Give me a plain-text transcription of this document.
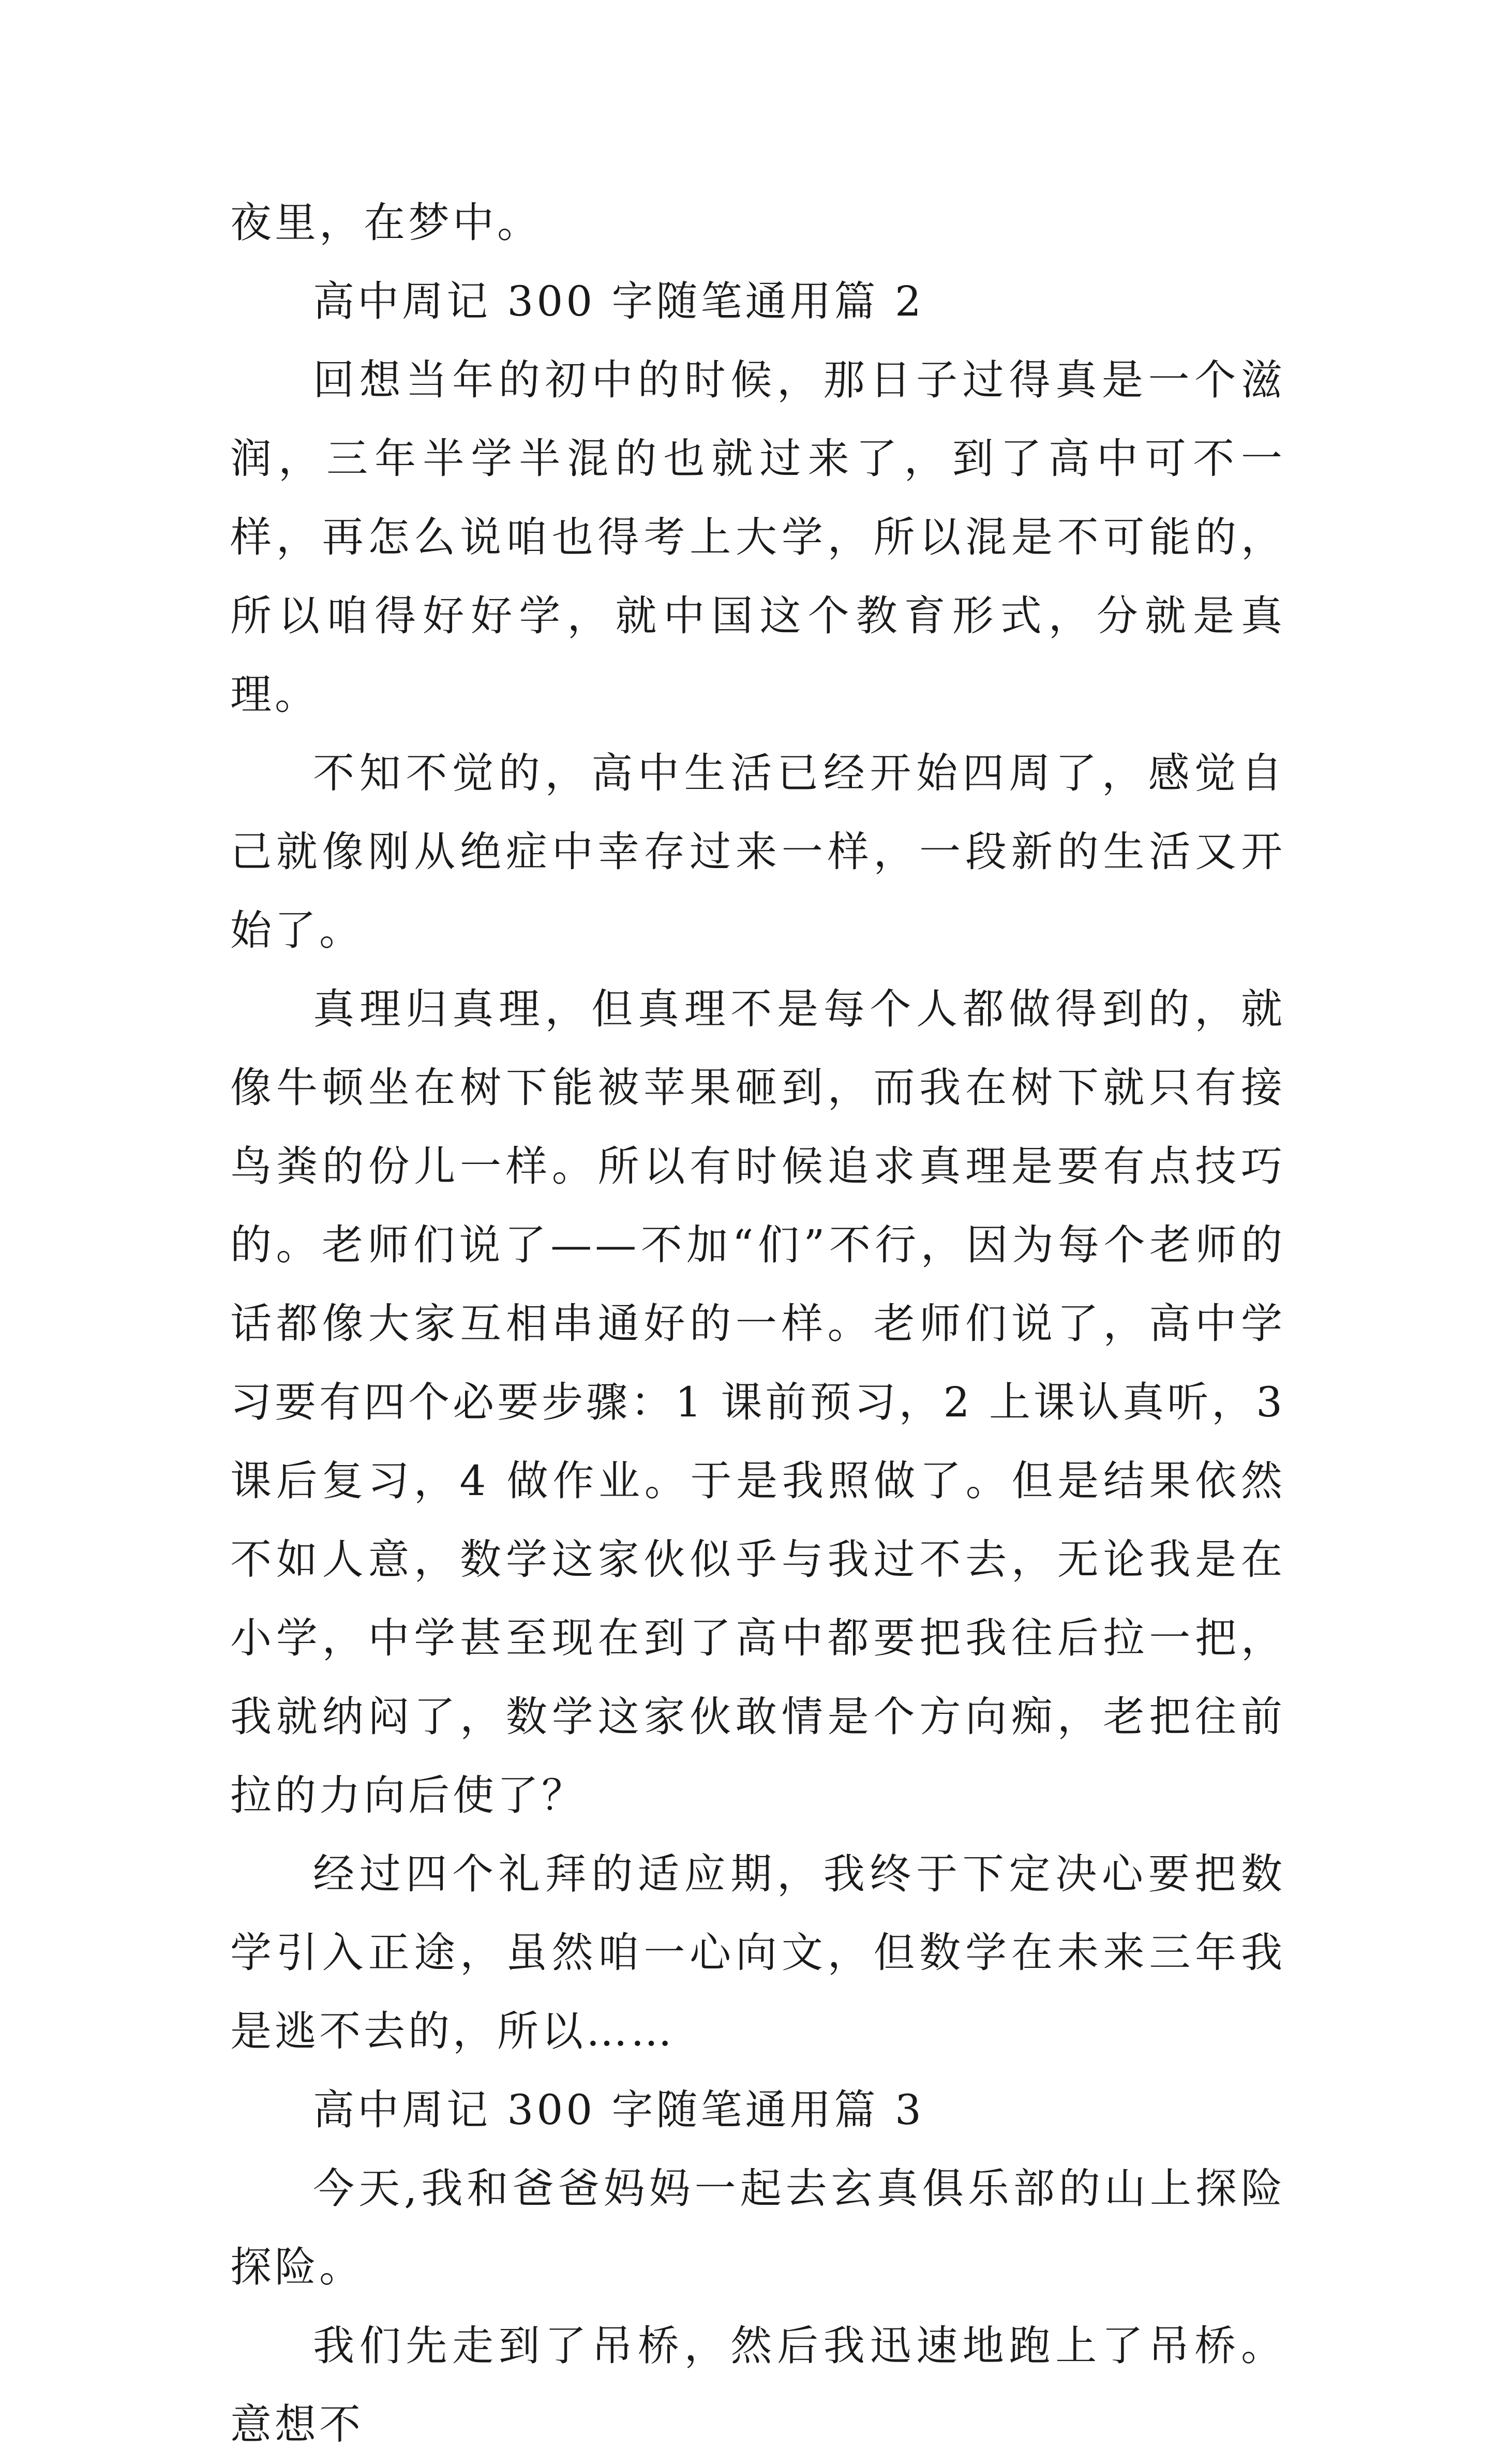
夜里，在梦中。

高中周记 300 字随笔通用篇 2

回想当年的初中的时候，那日子过得真是一个滋润，三年半学半混的也就过来了，到了高中可不一样，再怎么说咱也得考上大学，所以混是不可能的，所以咱得好好学，就中国这个教育形式，分就是真理。

不知不觉的，高中生活已经开始四周了，感觉自己就像刚从绝症中幸存过来一样，一段新的生活又开始了。

真理归真理，但真理不是每个人都做得到的，就像牛顿坐在树下能被苹果砸到，而我在树下就只有接鸟粪的份儿一样。所以有时候追求真理是要有点技巧的。老师们说了——不加“们”不行，因为每个老师的话都像大家互相串通好的一样。老师们说了，高中学习要有四个必要步骤：1 课前预习，2 上课认真听，3 课后复习，4 做作业。于是我照做了。但是结果依然不如人意，数学这家伙似乎与我过不去，无论我是在小学，中学甚至现在到了高中都要把我往后拉一把，我就纳闷了，数学这家伙敢情是个方向痴，老把往前拉的力向后使了？

经过四个礼拜的适应期，我终于下定决心要把数学引入正途，虽然咱一心向文，但数学在未来三年我是逃不去的，所以……

高中周记 300 字随笔通用篇 3

今天,我和爸爸妈妈一起去玄真俱乐部的山上探险探险。

我们先走到了吊桥，然后我迅速地跑上了吊桥。意想不
